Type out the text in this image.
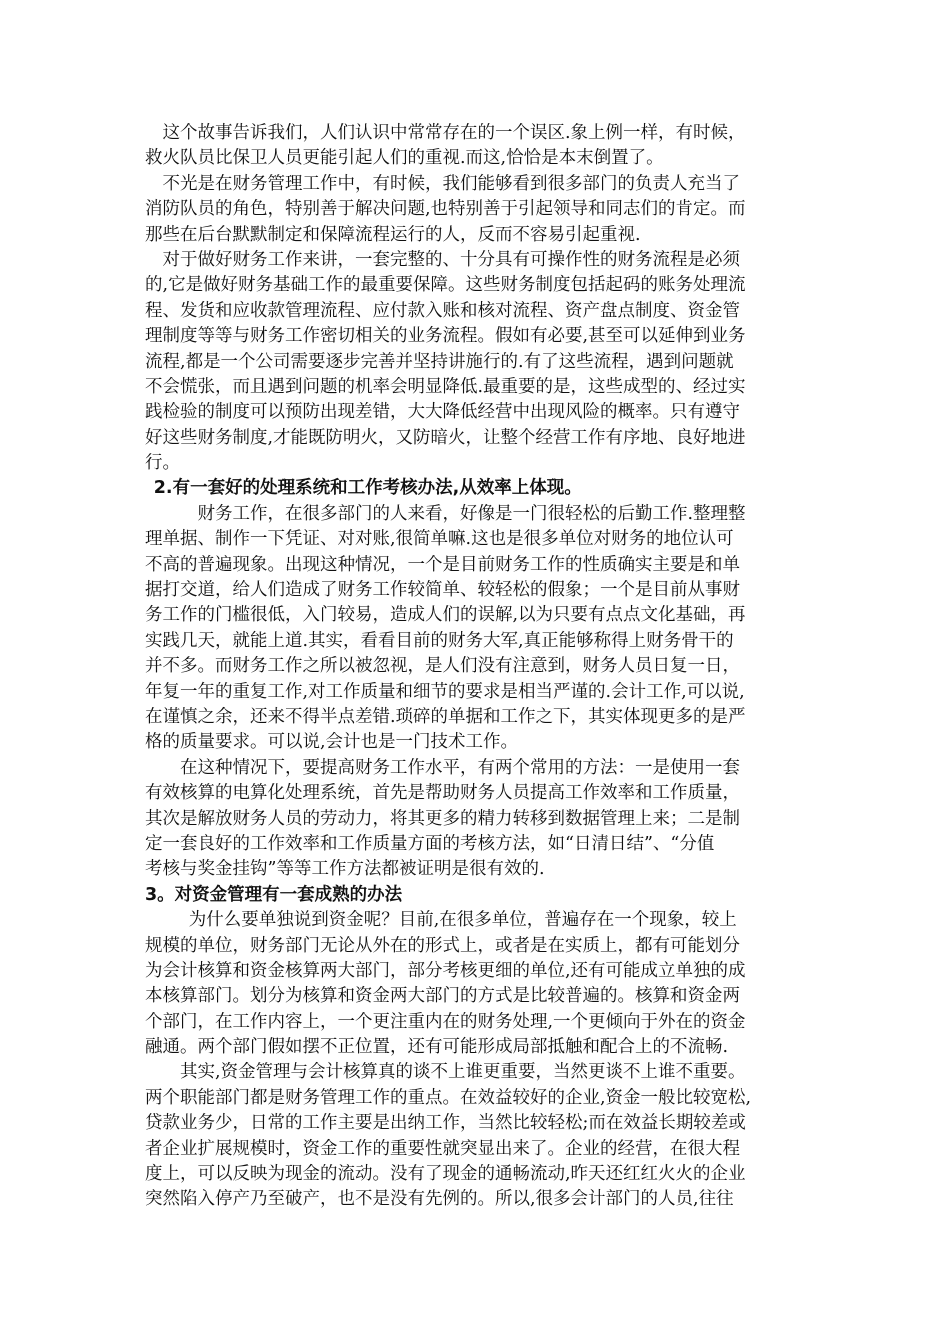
这个故事告诉我们，人们认识中常常存在的一个误区.象上例一样，有时候，
救火队员比保卫人员更能引起人们的重视.而这,恰恰是本末倒置了。
不光是在财务管理工作中，有时候，我们能够看到很多部门的负责人充当了
消防队员的角色，特别善于解决问题,也特别善于引起领导和同志们的肯定。而
那些在后台默默制定和保障流程运行的人，反而不容易引起重视.
对于做好财务工作来讲，一套完整的、十分具有可操作性的财务流程是必须
的,它是做好财务基础工作的最重要保障。这些财务制度包括起码的账务处理流
程、发货和应收款管理流程、应付款入账和核对流程、资产盘点制度、资金管
理制度等等与财务工作密切相关的业务流程。假如有必要,甚至可以延伸到业务
流程,都是一个公司需要逐步完善并坚持讲施行的.有了这些流程，遇到问题就
不会慌张，而且遇到问题的机率会明显降低.最重要的是，这些成型的、经过实
践检验的制度可以预防出现差错，大大降低经营中出现风险的概率。只有遵守
好这些财务制度,才能既防明火，又防暗火，让整个经营工作有序地、良好地进
行。
2.有一套好的处理系统和工作考核办法,从效率上体现。
财务工作，在很多部门的人来看，好像是一门很轻松的后勤工作.整理整
理单据、制作一下凭证、对对账,很简单嘛.这也是很多单位对财务的地位认可
不高的普遍现象。出现这种情况，一个是目前财务工作的性质确实主要是和单
据打交道，给人们造成了财务工作较简单、较轻松的假象；一个是目前从事财
务工作的门槛很低，入门较易，造成人们的误解,以为只要有点点文化基础，再
实践几天，就能上道.其实，看看目前的财务大军,真正能够称得上财务骨干的
并不多。而财务工作之所以被忽视，是人们没有注意到，财务人员日复一日，
年复一年的重复工作,对工作质量和细节的要求是相当严谨的.会计工作,可以说,
在谨慎之余，还来不得半点差错.琐碎的单据和工作之下，其实体现更多的是严
格的质量要求。可以说,会计也是一门技术工作。
在这种情况下，要提高财务工作水平，有两个常用的方法：一是使用一套
有效核算的电算化处理系统，首先是帮助财务人员提高工作效率和工作质量，
其次是解放财务人员的劳动力，将其更多的精力转移到数据管理上来；二是制
定一套良好的工作效率和工作质量方面的考核方法，如“日清日结”、“分值
考核与奖金挂钩”等等工作方法都被证明是很有效的.
3。对资金管理有一套成熟的办法
为什么要单独说到资金呢？目前,在很多单位，普遍存在一个现象，较上
规模的单位，财务部门无论从外在的形式上，或者是在实质上，都有可能划分
为会计核算和资金核算两大部门，部分考核更细的单位,还有可能成立单独的成
本核算部门。划分为核算和资金两大部门的方式是比较普遍的。核算和资金两
个部门，在工作内容上，一个更注重内在的财务处理,一个更倾向于外在的资金
融通。两个部门假如摆不正位置，还有可能形成局部抵触和配合上的不流畅.
其实,资金管理与会计核算真的谈不上谁更重要，当然更谈不上谁不重要。
两个职能部门都是财务管理工作的重点。在效益较好的企业,资金一般比较宽松,
贷款业务少，日常的工作主要是出纳工作，当然比较轻松;而在效益长期较差或
者企业扩展规模时，资金工作的重要性就突显出来了。企业的经营，在很大程
度上，可以反映为现金的流动。没有了现金的通畅流动,昨天还红红火火的企业
突然陷入停产乃至破产，也不是没有先例的。所以,很多会计部门的人员,往往
